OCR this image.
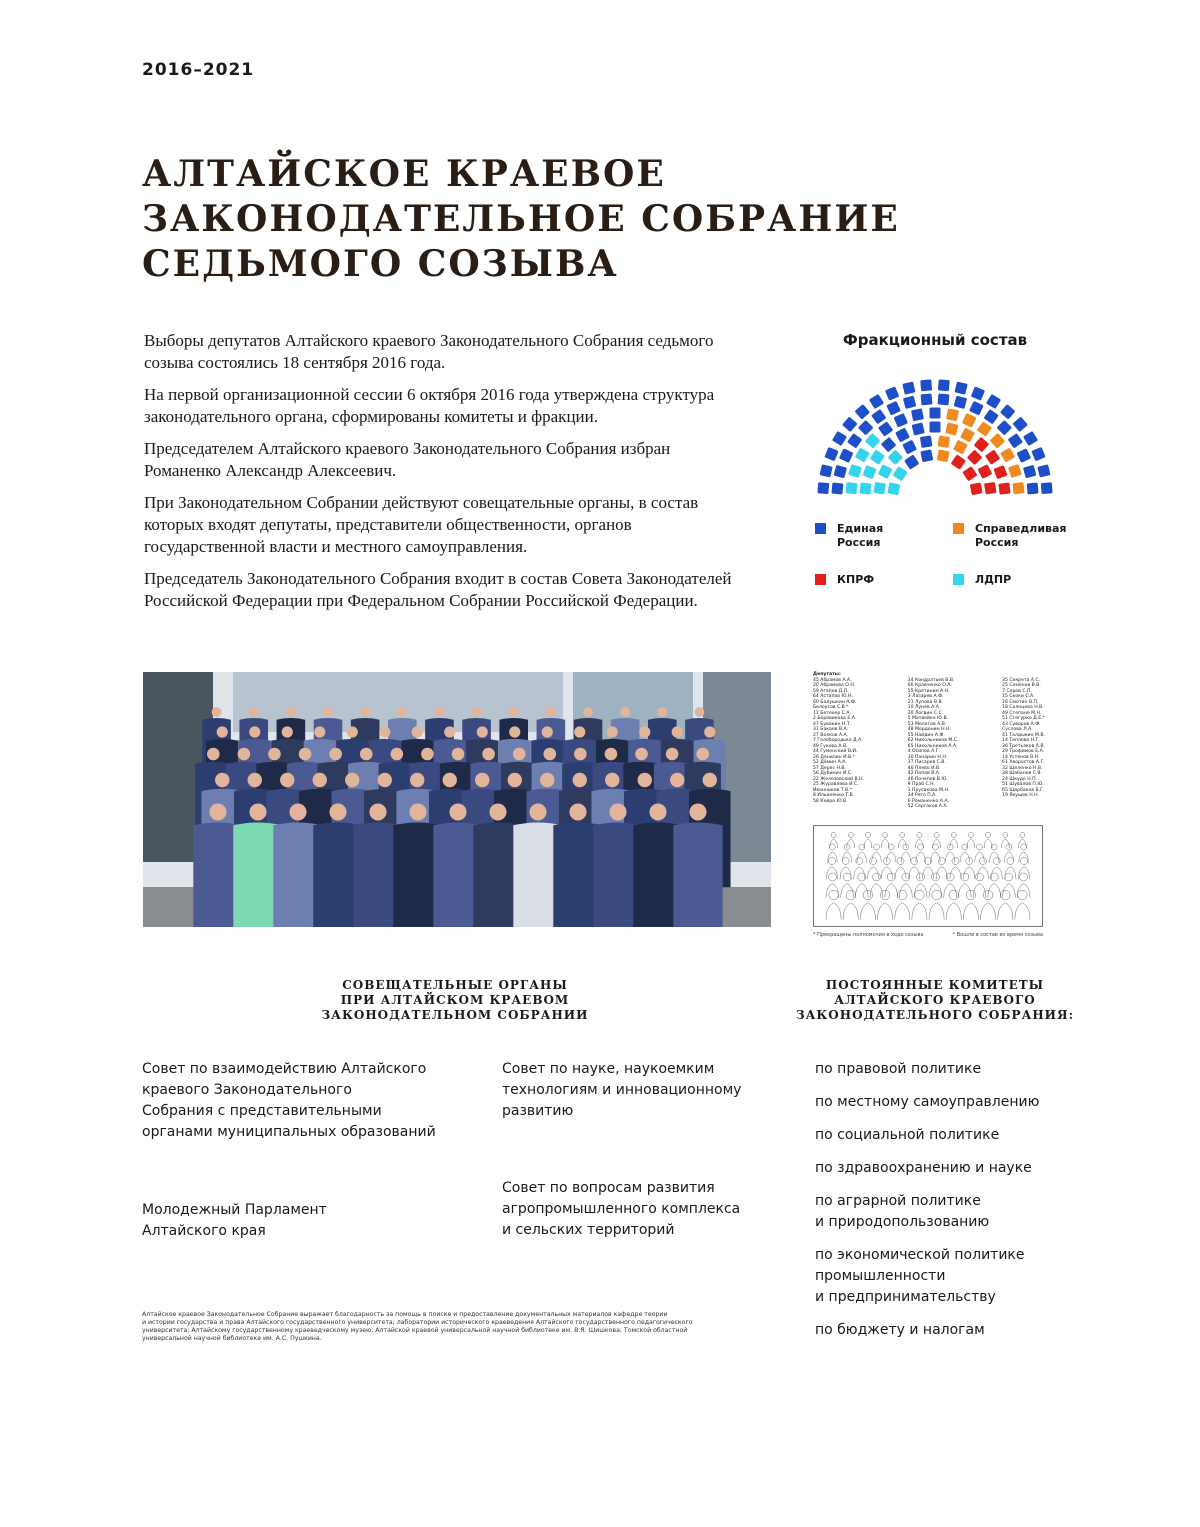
2016–2021
АЛТАЙСКОЕ КРАЕВОЕ
ЗАКОНОДАТЕЛЬНОЕ СОБРАНИЕ
СЕДЬМОГО СОЗЫВА

Выборы депутатов Алтайского краевого Законодательного Собрания седьмого созыва состоялись 18 сентября 2016 года.

На первой организационной сессии 6 октября 2016 года утверждена структура законодательного органа, сформированы комитеты и фракции.

Председателем Алтайского краевого Законодательного Собрания избран Романенко Александр Алексеевич.

При Законодательном Собрании действуют совещательные органы, в состав которых входят депутаты, представители общественности, органов государственной власти и местного самоуправления.

Председатель Законодательного Собрания входит в состав Совета Законодателей Российской Федерации при Федеральном Собрании Российской Федерации.

Фракционный состав
Единая
Россия
Справедливая
Россия
КПРФ	ЛДПР
Депутаты:
45 Абрамов А.А.
20 Абрамова О.Н.
59 Агапов Д.П.
64 Астапов Ю.Н.
60 Балушкин А.Ф.
Белоусов С.В.*
11 Бетехер С.А.
2 Боровикова Е.А.
47 Бувакин Н.Т.
31 Бакаев В.А.
27 Волков А.А.
7 Голобородько Д.А.
49 Гукова А.В.
44 Гуменский В.И.
26 Данилин И.В.*
52 Дёмин А.А.
57 Дерес Н.В.
56 Дубинин И.С.
22 Железовский В.Н.
25 Журавлева И.С.
Иванников Т.В.*
8 Ильиненко Т.В.
58 Кейро Ю.В.

34 Кондратьев В.В.
66 Кравченко О.А.
55 Кретинин А.Н.
3 Лазарев А.Ф.
21 Лупова В.В.
10 Лунев А.А.
30 Логвин С.С.
5 Матвейко Ю.В.
53 Молотов А.В.
48 Мордонин Н.Н.
55 Найдин А.Ф.
62 Никольников М.С.
65 Никольников А.А.
4 Осипов А.Г.
30 Панарин Н.Н.
37 Писарев С.В.
40 Плево И.В.
42 Попов В.А.
46 Почепов В.Ю.
9 Праб С.Н.
1 Прусакова М.Н.
34 Рего П.А.
6 Романенко А.А.
52 Сергаков А.А.

35 Секрета А.С.
25 Семёнов В.В.
7 Серов С.П.
15 Скоки С.А.
16 Смотин В.П.
18 Солнцева Н.В.
49 Степаня М.Н.
51 Стегурко Д.Е.*
43 Суворов А.Ф.
Суслова Л.А.
41 Талдыкин М.В.
14 Теплова Н.Г.
36 Третьяков А.В.
29 Трофимов Е.А.
14 Устенов В.Н.
61 Хворостов А.Г.
32 Щеленко Н.В.
38 Шабанов С.В.
24 Шкудо Н.П.
51 Шувалов П.Ю.
65 Щербаков В.Г.
19 Якушев Н.Н.
* Прекращены полномочия в ходе созыва	* Вошли в состав во время созыва
СОВЕЩАТЕЛЬНЫЕ ОРГАНЫ
ПРИ АЛТАЙСКОМ КРАЕВОМ
ЗАКОНОДАТЕЛЬНОМ СОБРАНИИ
ПОСТОЯННЫЕ КОМИТЕТЫ
АЛТАЙСКОГО КРАЕВОГО
ЗАКОНОДАТЕЛЬНОГО СОБРАНИЯ:
Совет по взаимодействию Алтайского
краевого Законодательного
Собрания с представительными
органами муниципальных образований
Совет по науке, наукоемким
технологиям и инновационному
развитию
Молодежный Парламент
Алтайского края
Совет по вопросам развития
агропромышленного комплекса
и сельских территорий
по правовой политике
по местному самоуправлению
по социальной политике
по здравоохранению и науке
по аграрной политике
и природопользованию
по экономической политике
промышленности
и предпринимательству
по бюджету и налогам
Алтайское краевое Законодательное Собрание выражает благодарность за помощь в поиске и предоставление документальных материалов кафедре теории
и истории государства и права Алтайского государственного университета; лаборатории исторического краеведения Алтайского государственного педагогического
университета; Алтайскому государственному краеведческому музею; Алтайской краевой универсальной научной библиотеке им. В.Я. Шишкова; Томской областной
универсальной научной библиотеке им. А.С. Пушкина.
